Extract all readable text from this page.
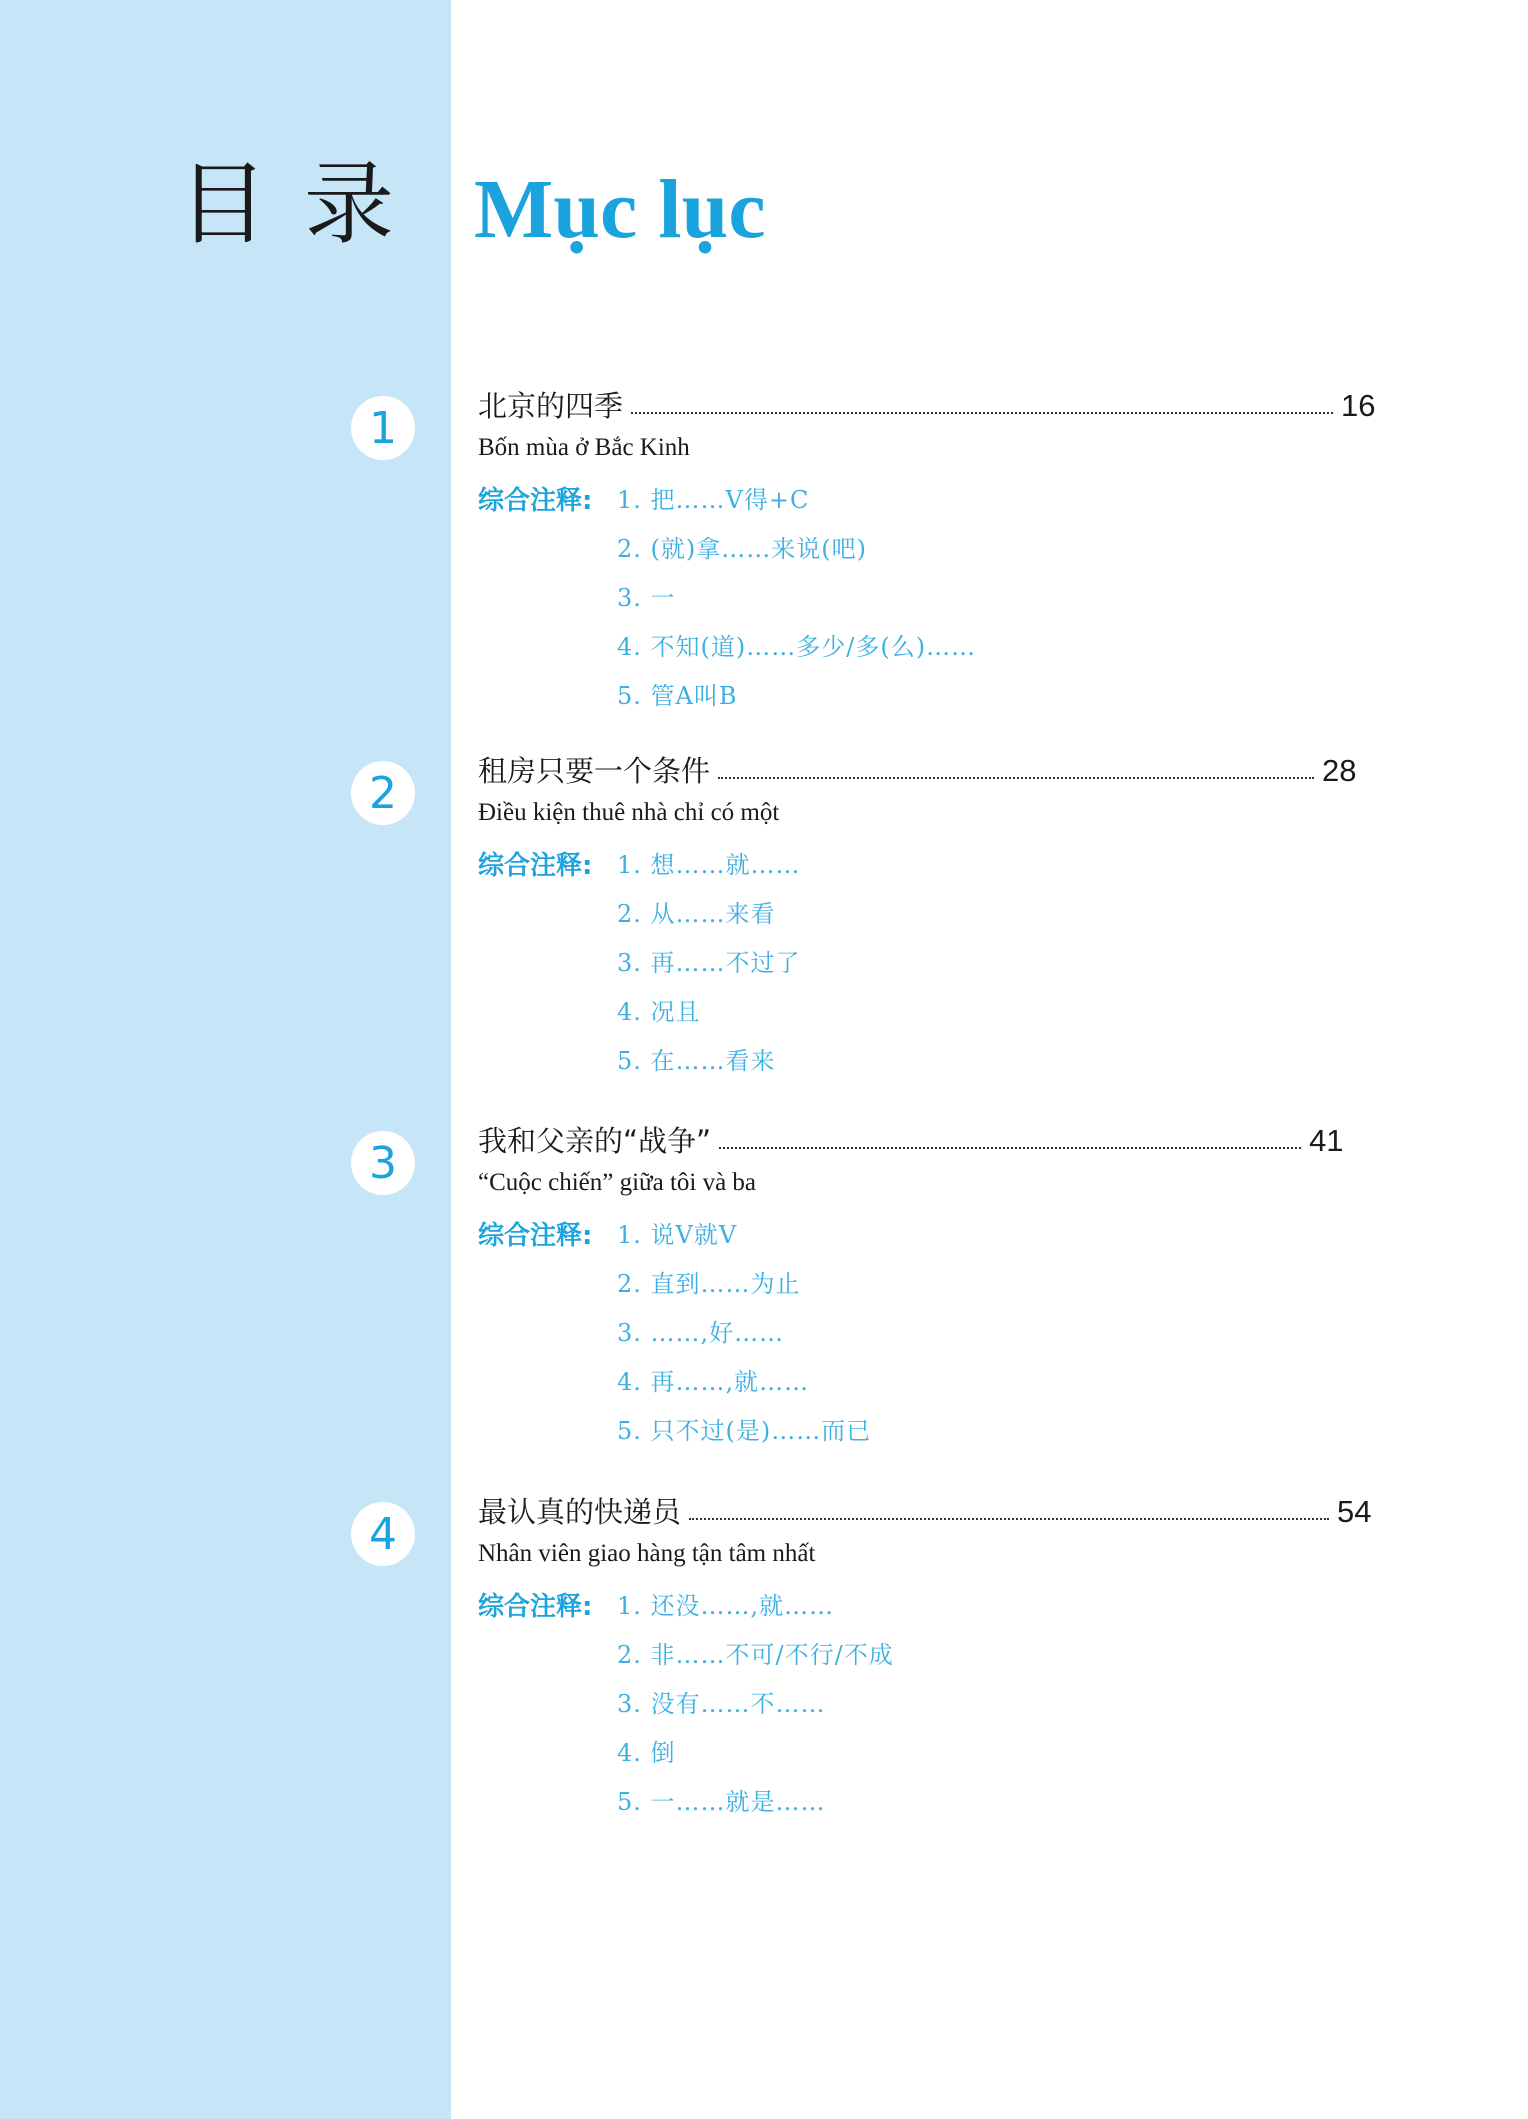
目录 Mục lục
1	北京的四季	16
Bốn mùa ở Bắc Kinh
综合注释: 1. 把……V得+C
2. (就)拿……来说(吧)
3. 一
4. 不知(道)……多少/多(么)……
5. 管A叫B
2	租房只要一个条件	28
Điều kiện thuê nhà chỉ có một
综合注释: 1. 想……就……
2. 从……来看
3. 再……不过了
4. 况且
5. 在……看来
3	我和父亲的“战争”	41
“Cuộc chiến” giữa tôi và ba
综合注释: 1. 说V就V
2. 直到……为止
3. ……,好……
4. 再……,就……
5. 只不过(是)……而已
4	最认真的快递员	54
Nhân viên giao hàng tận tâm nhất
综合注释: 1. 还没……,就……
2. 非……不可/不行/不成
3. 没有……不……
4. 倒
5. 一……就是……
